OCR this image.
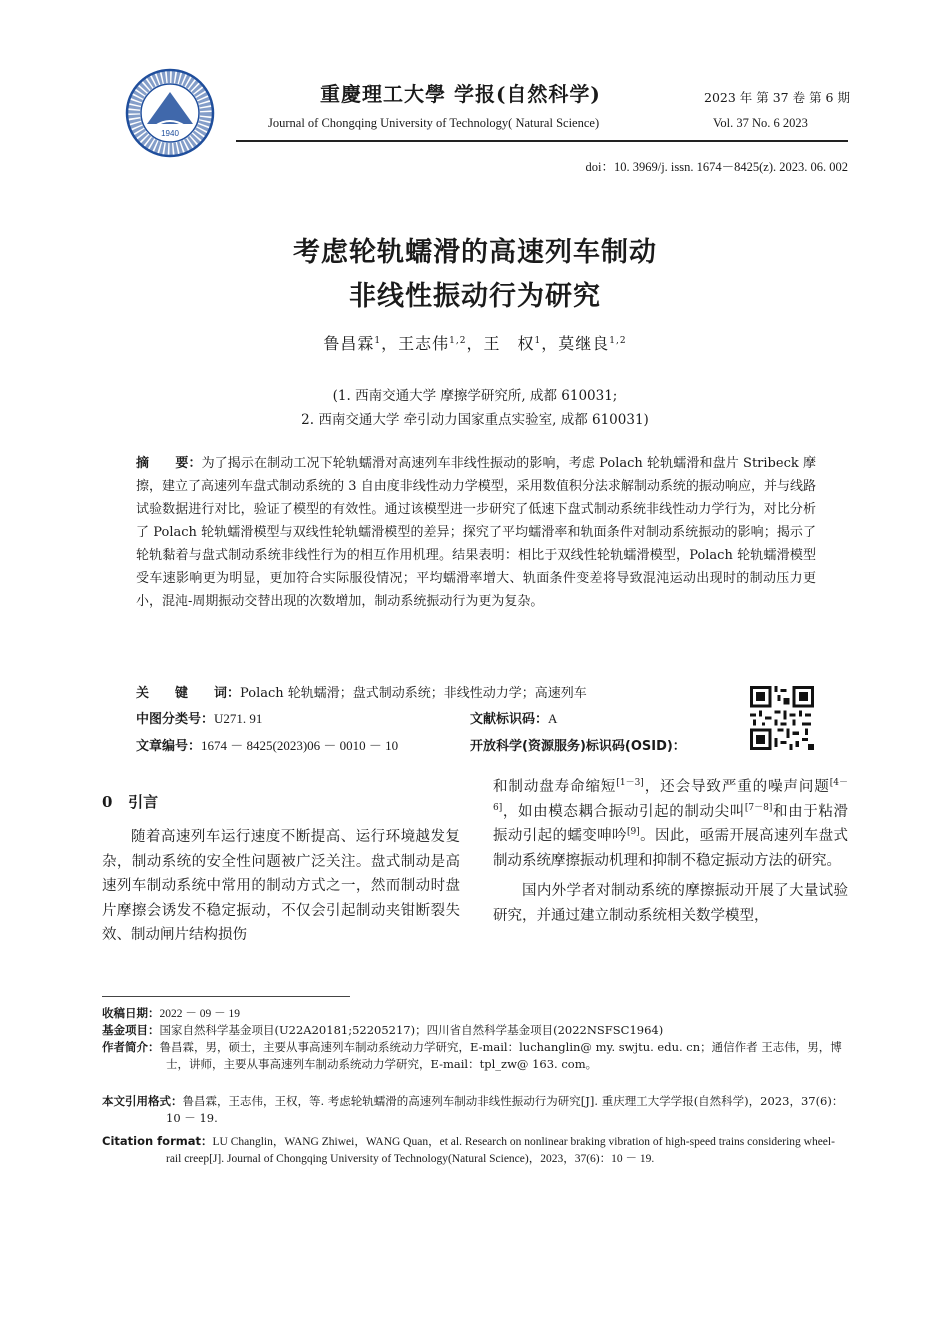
1940
重慶理工大學 学报(自然科学)
Journal of Chongqing University of Technology( Natural Science)
2023 年 第 37 卷 第 6 期
Vol. 37 No. 6 2023
doi：10. 3969/j. issn. 1674－8425(z). 2023. 06. 002
考虑轮轨蠕滑的高速列车制动
非线性振动行为研究
鲁昌霖$^1$，王志伟$^{1,2}$，王　权$^1$，莫继良$^{1,2}$
(1. 西南交通大学 摩擦学研究所, 成都 610031;
2. 西南交通大学 牵引动力国家重点实验室, 成都 610031)
摘　　要：为了揭示在制动工况下轮轨蠕滑对高速列车非线性振动的影响，考虑 Polach 轮轨蠕滑和盘片 Stribeck 摩擦，建立了高速列车盘式制动系统的 3 自由度非线性动力学模型，采用数值积分法求解制动系统的振动响应，并与线路试验数据进行对比，验证了模型的有效性。通过该模型进一步研究了低速下盘式制动系统非线性动力学行为，对比分析了 Polach 轮轨蠕滑模型与双线性轮轨蠕滑模型的差异；探究了平均蠕滑率和轨面条件对制动系统振动的影响；揭示了轮轨黏着与盘式制动系统非线性行为的相互作用机理。结果表明：相比于双线性轮轨蠕滑模型，Polach 轮轨蠕滑模型受车速影响更为明显，更加符合实际服役情况；平均蠕滑率增大、轨面条件变差将导致混沌运动出现时的制动压力更小，混沌-周期振动交替出现的次数增加，制动系统振动行为更为复杂。
关　　键　　词：Polach 轮轨蠕滑；盘式制动系统；非线性动力学；高速列车
中图分类号：U271. 91	文献标识码：A
文章编号：1674 － 8425(2023)06 － 0010 － 10	开放科学(资源服务)标识码(OSID)：
0 引言

随着高速列车运行速度不断提高、运行环境越发复杂，制动系统的安全性问题被广泛关注。盘式制动是高速列车制动系统中常用的制动方式之一，然而制动时盘片摩擦会诱发不稳定振动，不仅会引起制动夹钳断裂失效、制动闸片结构损伤

和制动盘寿命缩短[1－3]，还会导致严重的噪声问题[4－6]，如由模态耦合振动引起的制动尖叫[7－8]和由于粘滑振动引起的蠕变呻吟[9]。因此，亟需开展高速列车盘式制动系统摩擦振动机理和抑制不稳定振动方法的研究。

国内外学者对制动系统的摩擦振动开展了大量试验研究，并通过建立制动系统相关数学模型，

收稿日期：2022 － 09 － 19
基金项目：国家自然科学基金项目(U22A20181;52205217)；四川省自然科学基金项目(2022NSFSC1964)
作者简介：鲁昌霖，男，硕士，主要从事高速列车制动系统动力学研究，E-mail：luchanglin@ my. swjtu. edu. cn；通信作者 王志伟，男，博士，讲师，主要从事高速列车制动系统动力学研究，E-mail：tpl_zw@ 163. com。
本文引用格式：鲁昌霖，王志伟，王权，等. 考虑轮轨蠕滑的高速列车制动非线性振动行为研究[J]. 重庆理工大学学报(自然科学)，2023，37(6)：10 － 19.
Citation format：LU Changlin，WANG Zhiwei，WANG Quan，et al. Research on nonlinear braking vibration of high-speed trains considering wheel-rail creep[J]. Journal of Chongqing University of Technology(Natural Science)，2023，37(6)：10 － 19.
